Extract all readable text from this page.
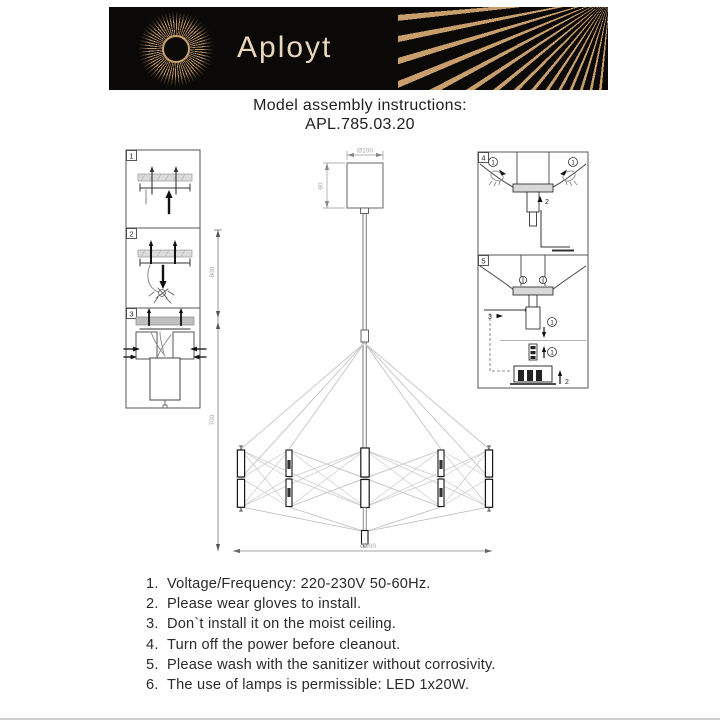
Aployt
Model assembly instructions:
APL.785.03.20
1
2
3
800
700
Ø100
80
Ø600
4
1	1
2
5
3
1
1
2
1. Voltage/Frequency: 220-230V 50-60Hz.
2. Please wear gloves to install.
3. Don`t install it on the moist ceiling.
4. Turn off the power before cleanout.
5. Please wash with the sanitizer without corrosivity.
6. The use of lamps is permissible: LED 1x20W.
